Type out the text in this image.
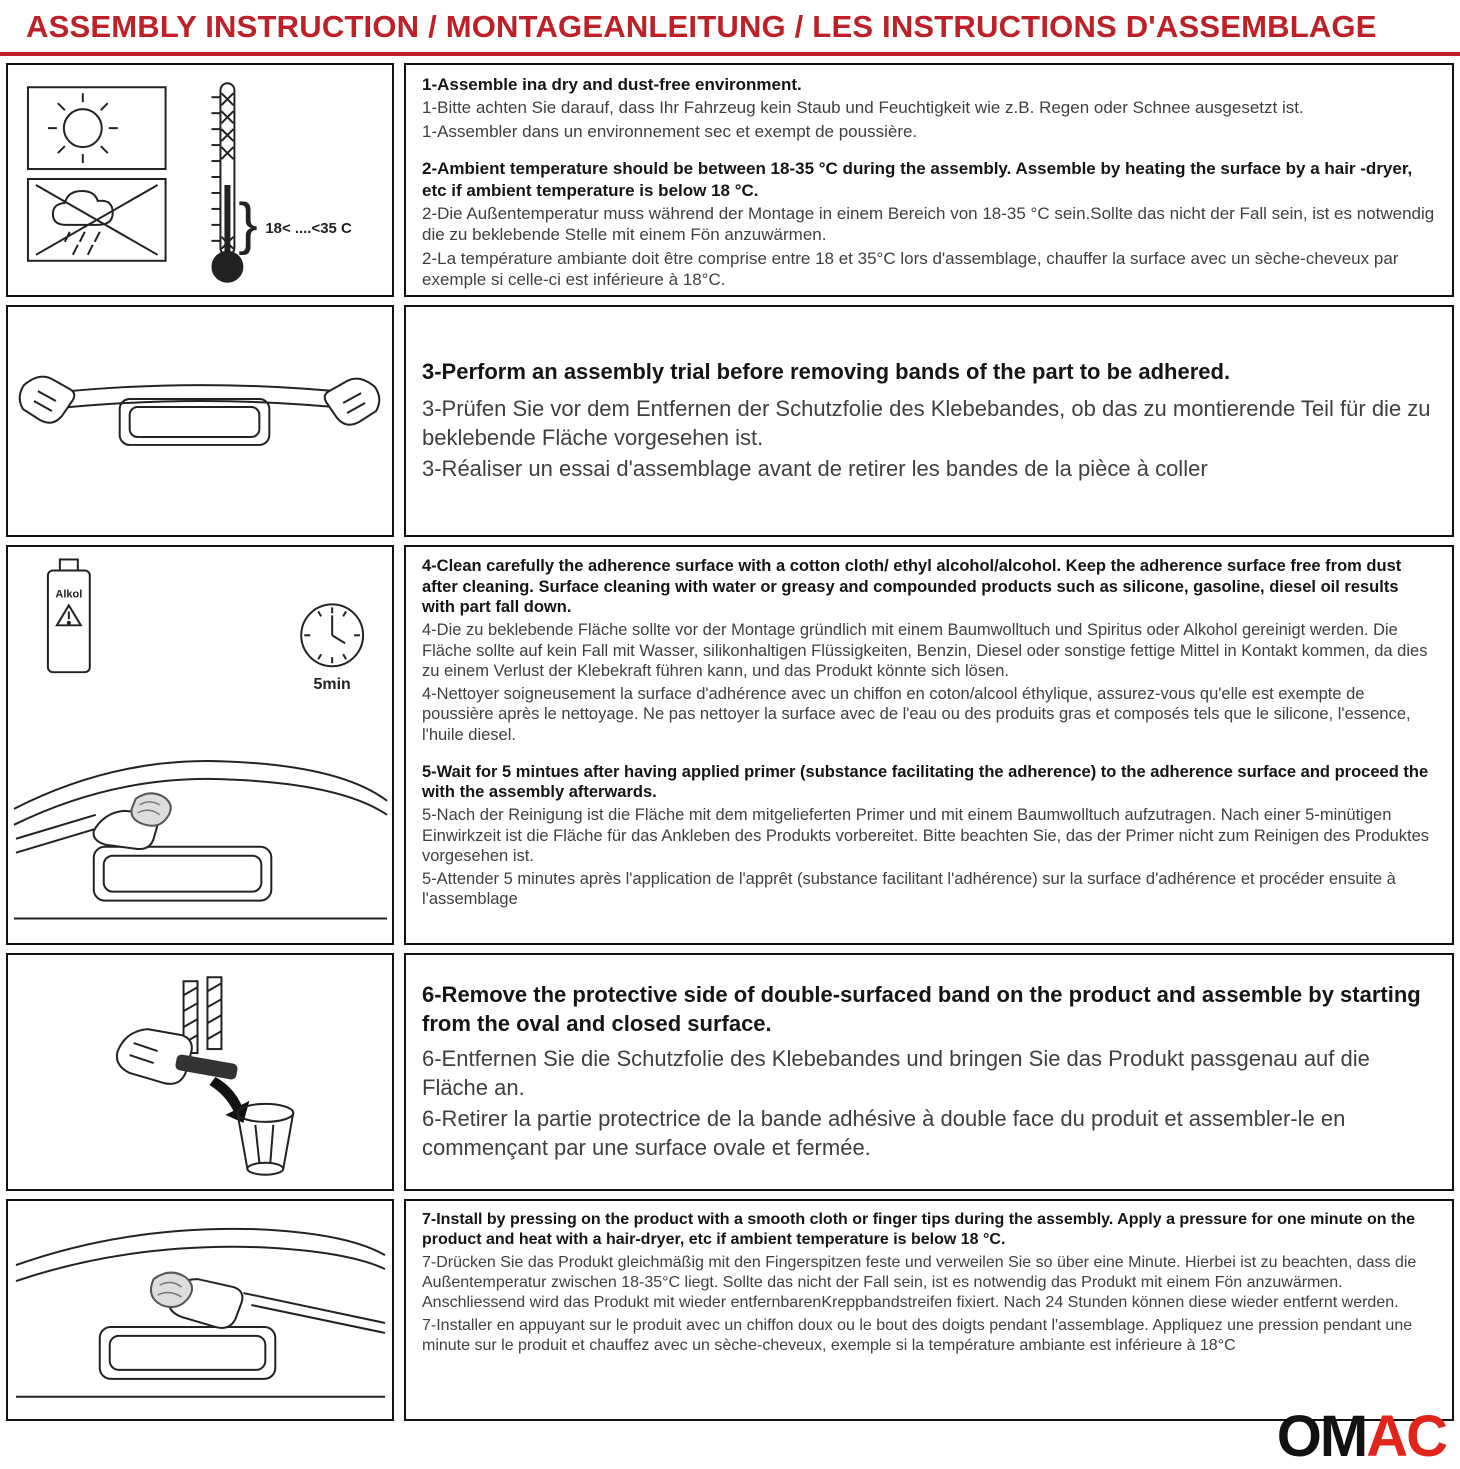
ASSEMBLY INSTRUCTION / MONTAGEANLEITUNG / LES INSTRUCTIONS D'ASSEMBLAGE
} 18< ....<35 C

1-Assemble ina dry and dust-free environment.

1-Bitte achten Sie darauf, dass Ihr Fahrzeug kein Staub und Feuchtigkeit wie z.B. Regen oder Schnee ausgesetzt ist.

1-Assembler dans un environnement sec et exempt de poussière.

2-Ambient temperature should be between 18-35 °C during the assembly. Assemble by heating the surface by a hair -dryer, etc if ambient temperature is below 18 °C.

2-Die Außentemperatur muss während der Montage in einem Bereich von 18-35 °C sein.Sollte das nicht der Fall sein, ist es notwendig die zu beklebende Stelle mit einem Fön anzuwärmen.

2-La température ambiante doit être comprise entre 18 et 35°C lors d'assemblage, chauffer la surface avec un sèche-cheveux par exemple si celle-ci est inférieure à 18°C.

3-Perform an assembly trial before removing bands of the part to be adhered.

3-Prüfen Sie vor dem Entfernen der Schutzfolie des Klebebandes, ob das zu montierende Teil für die zu beklebende Fläche vorgesehen ist.

3-Réaliser un essai d'assemblage avant de retirer les bandes de la pièce à coller

Alkol
5min

4-Clean carefully the adherence surface with a cotton cloth/ ethyl alcohol/alcohol. Keep the adherence surface free from dust after cleaning. Surface cleaning with water or greasy and compounded products such as silicone, gasoline, diesel oil results with part fall down.

4-Die zu beklebende Fläche sollte vor der Montage gründlich mit einem Baumwolltuch und Spiritus oder Alkohol gereinigt werden. Die Fläche sollte auf kein Fall mit Wasser, silikonhaltigen Flüssigkeiten, Benzin, Diesel oder sonstige fettige Mittel in Kontakt kommen, da dies zu einem Verlust der Klebekraft führen kann, und das Produkt könnte sich lösen.

4-Nettoyer soigneusement la surface d'adhérence avec un chiffon en coton/alcool éthylique, assurez-vous qu'elle est exempte de poussière après le nettoyage. Ne pas nettoyer la surface avec de l'eau ou des produits gras et composés tels que le silicone, l'essence, l'huile diesel.

5-Wait for 5 mintues after having applied primer (substance facilitating the adherence) to the adherence surface and proceed the with the assembly afterwards.

5-Nach der Reinigung ist die Fläche mit dem mitgelieferten Primer und mit einem Baumwolltuch aufzutragen. Nach einer 5-minütigen Einwirkzeit ist die Fläche für das Ankleben des Produkts vorbereitet. Bitte beachten Sie, das der Primer nicht zum Reinigen des Produktes vorgesehen ist.

5-Attender 5 minutes après l'application de l'apprêt (substance facilitant l'adhérence) sur la surface d'adhérence et procéder ensuite à l'assemblage

6-Remove the protective side of double-surfaced band on the product and assemble by starting from the oval and closed surface.

6-Entfernen Sie die Schutzfolie des Klebebandes und bringen Sie das Produkt passgenau auf die Fläche an.

6-Retirer la partie protectrice de la bande adhésive à double face du produit et assembler-le en commençant par une surface ovale et fermée.

7-Install by pressing on the product with a smooth cloth or finger tips during the assembly. Apply a pressure for one minute on the product and heat with a hair-dryer, etc if ambient temperature is below 18 °C.

7-Drücken Sie das Produkt gleichmäßig mit den Fingerspitzen feste und verweilen Sie so über eine Minute. Hierbei ist zu beachten, dass die Außentemperatur zwischen 18-35°C liegt. Sollte das nicht der Fall sein, ist es notwendig das Produkt mit einem Fön anzuwärmen. Anschliessend wird das Produkt mit wieder entfernbarenKreppbandstreifen fixiert. Nach 24 Stunden können diese wieder entfernt werden.

7-Installer en appuyant sur le produit avec un chiffon doux ou le bout des doigts pendant l'assemblage. Appliquez une pression pendant une minute sur le produit et chauffez avec un sèche-cheveux, exemple si la température ambiante est inférieure à 18°C

OMAC
